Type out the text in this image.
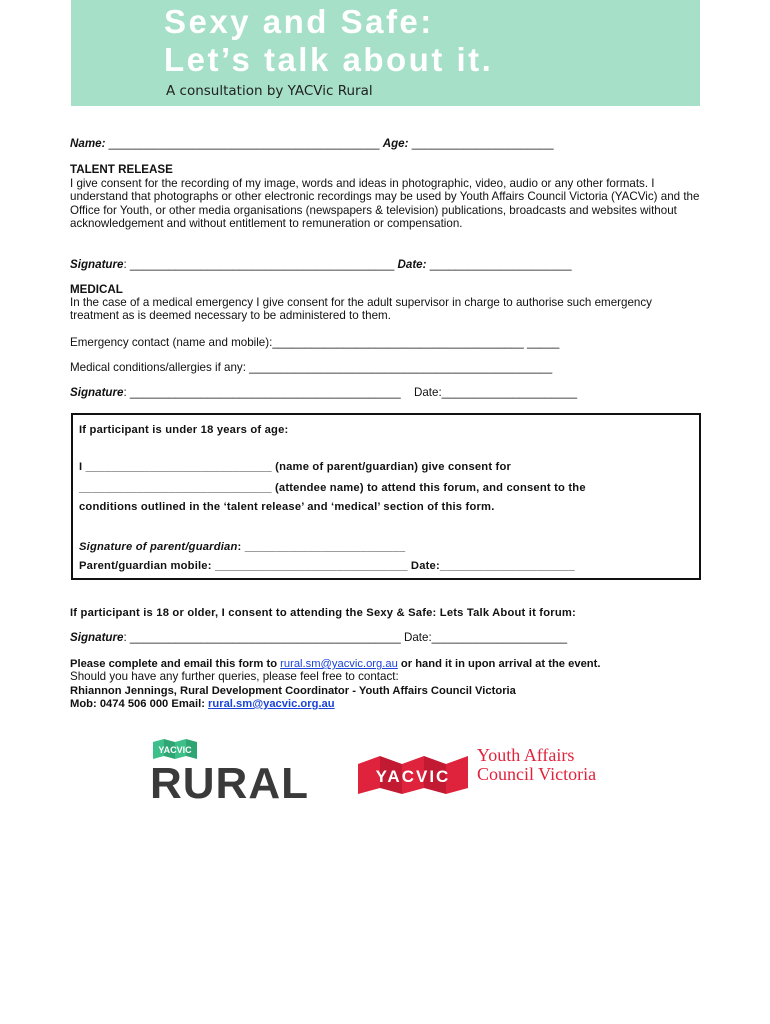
Sexy and Safe:
Let’s talk about it.
A consultation by YACVic Rural
Name: __________________________________________ Age: ______________________
TALENT RELEASE
I give consent for the recording of my image, words and ideas in photographic, video, audio or any other formats. I understand that photographs or other electronic recordings may be used by Youth Affairs Council Victoria (YACVic) and the Office for Youth, or other media organisations (newspapers & television) publications, broadcasts and websites without acknowledgement and without entitlement to remuneration or compensation.
Signature: _________________________________________ Date: ______________________
MEDICAL
In the case of a medical emergency I give consent for the adult supervisor in charge to authorise such emergency treatment as is deemed necessary to be administered to them.
Emergency contact (name and mobile):_______________________________________ _____
Medical conditions/allergies if any: _______________________________________________
Signature: __________________________________________ Date:_____________________
If participant is under 18 years of age:
I _____________________________ (name of parent/guardian) give consent for
______________________________ (attendee name) to attend this forum, and consent to the
conditions outlined in the ‘talent release’ and ‘medical’ section of this form.
Signature of parent/guardian: _________________________
Parent/guardian mobile: ______________________________ Date:_____________________
If participant is 18 or older, I consent to attending the Sexy & Safe: Lets Talk About it forum:
Signature: __________________________________________ Date:_____________________
Please complete and email this form to rural.sm@yacvic.org.au or hand it in upon arrival at the event.
Should you have any further queries, please feel free to contact:
Rhiannon Jennings, Rural Development Coordinator - Youth Affairs Council Victoria
Mob: 0474 506 000 Email: rural.sm@yacvic.org.au
YACVIC
RURAL	YACVIC
Youth Affairs
Council Victoria
